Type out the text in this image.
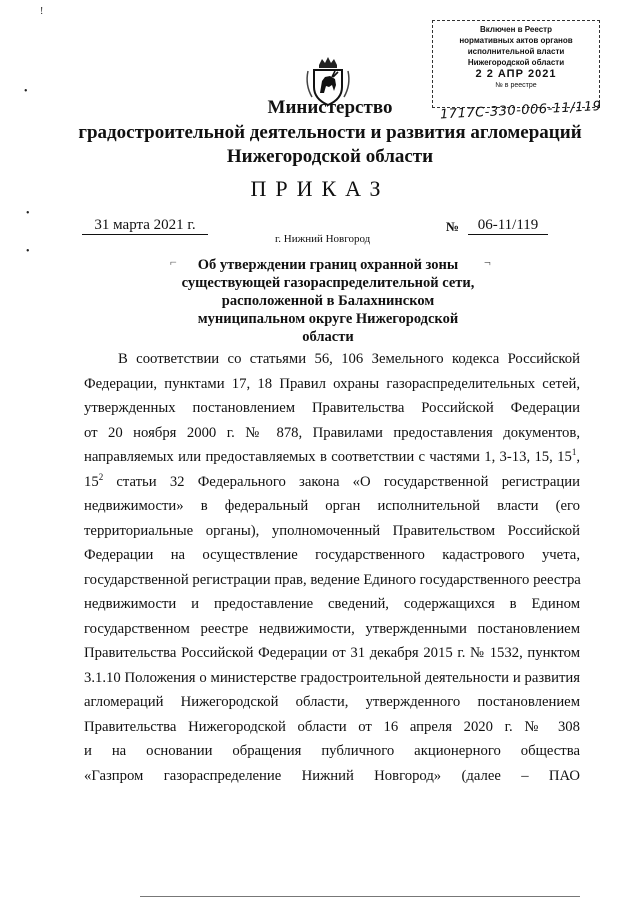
ǃ
•
•
•
Включен в Реестр
нормативных актов органов
исполнительной власти
Нижегородской области
2 2 АПР 2021
№ в реестре
1717С-330-006-11/119
Министерство
градостроительной деятельности и развития агломераций
Нижегородской области
ПРИКАЗ
31 марта 2021 г.	№	06-11/119
г. Нижний Новгород
⌐	¬
Об утверждении границ охранной зоны
существующей газораспределительной сети,
расположенной в Балахнинском
муниципальном округе Нижегородской
области
В соответствии со статьями 56, 106 Земельного кодекса Российской
Федерации, пунктами 17, 18 Правил охраны газораспределительных сетей,
утвержденных постановлением Правительства Российской Федерации
от 20 ноября 2000 г. № 878, Правилами предоставления документов,
направляемых или предоставляемых в соответствии с частями 1, 3-13, 15, $15^1$,
$15^2$ статьи 32 Федерального закона «О государственной регистрации
недвижимости» в федеральный орган исполнительной власти (его
территориальные органы), уполномоченный Правительством Российской
Федерации на осуществление государственного кадастрового учета,
государственной регистрации прав, ведение Единого государственного реестра
недвижимости и предоставление сведений, содержащихся в Едином
государственном реестре недвижимости, утвержденными постановлением
Правительства Российской Федерации от 31 декабря 2015 г. № 1532, пунктом
3.1.10 Положения о министерстве градостроительной деятельности и развития
агломераций Нижегородской области, утвержденного постановлением
Правительства Нижегородской области от 16 апреля 2020 г. № 308
и на основании обращения публичного акционерного общества
«Газпром газораспределение Нижний Новгород» (далее – ПАО
